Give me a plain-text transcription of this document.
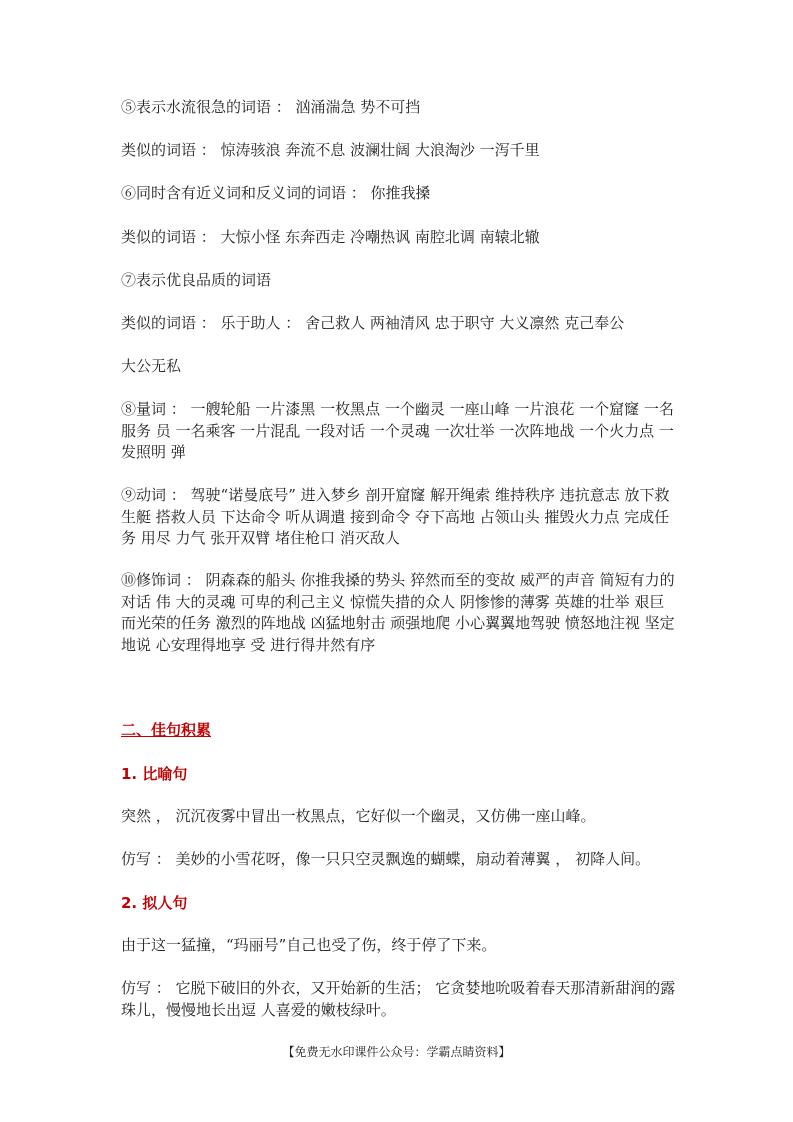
⑤表示水流很急的词语 ： 汹涌湍急 势不可挡
类似的词语 ： 惊涛骇浪 奔流不息 波澜壮阔 大浪淘沙 一泻千里
⑥同时含有近义词和反义词的词语 ： 你推我搡
类似的词语 ： 大惊小怪 东奔西走 冷嘲热讽 南腔北调 南辕北辙
⑦表示优良品质的词语
类似的词语 ： 乐于助人 ： 舍己救人 两袖清风 忠于职守 大义凛然 克己奉公
大公无私
⑧量词 ： 一艘轮船 一片漆黑 一枚黑点 一个幽灵 一座山峰 一片浪花 一个窟窿 一名服务 员 一名乘客 一片混乱 一段对话 一个灵魂 一次壮举 一次阵地战 一个火力点 一发照明 弹
⑨动词 ： 驾驶“诺曼底号” 进入梦乡 剖开窟窿 解开绳索 维持秩序 违抗意志 放下救生艇 搭救人员 下达命令 听从调遣 接到命令 夺下高地 占领山头 摧毁火力点 完成任务 用尽 力气 张开双臂 堵住枪口 消灭敌人
⑩修饰词 ： 阴森森的船头 你推我搡的势头 猝然而至的变故 威严的声音 简短有力的对话 伟 大的灵魂 可卑的利己主义 惊慌失措的众人 阴惨惨的薄雾 英雄的壮举 艰巨而光荣的任务 激烈的阵地战 凶猛地射击 顽强地爬 小心翼翼地驾驶 愤怒地注视 坚定地说 心安理得地享 受 进行得井然有序
二、佳句积累
1. 比喻句
突然 ， 沉沉夜雾中冒出一枚黑点，它好似一个幽灵，又仿佛一座山峰。
仿写 ： 美妙的小雪花呀，像一只只空灵飘逸的蝴蝶，扇动着薄翼 ， 初降人间。
2. 拟人句
由于这一猛撞，“玛丽号”自己也受了伤，终于停了下来。
仿写 ： 它脱下破旧的外衣，又开始新的生活； 它贪婪地吮吸着春天那清新甜润的露珠儿，慢慢地长出逗 人喜爱的嫩枝绿叶。
【免费无水印课件公众号：学霸点睛资料】
